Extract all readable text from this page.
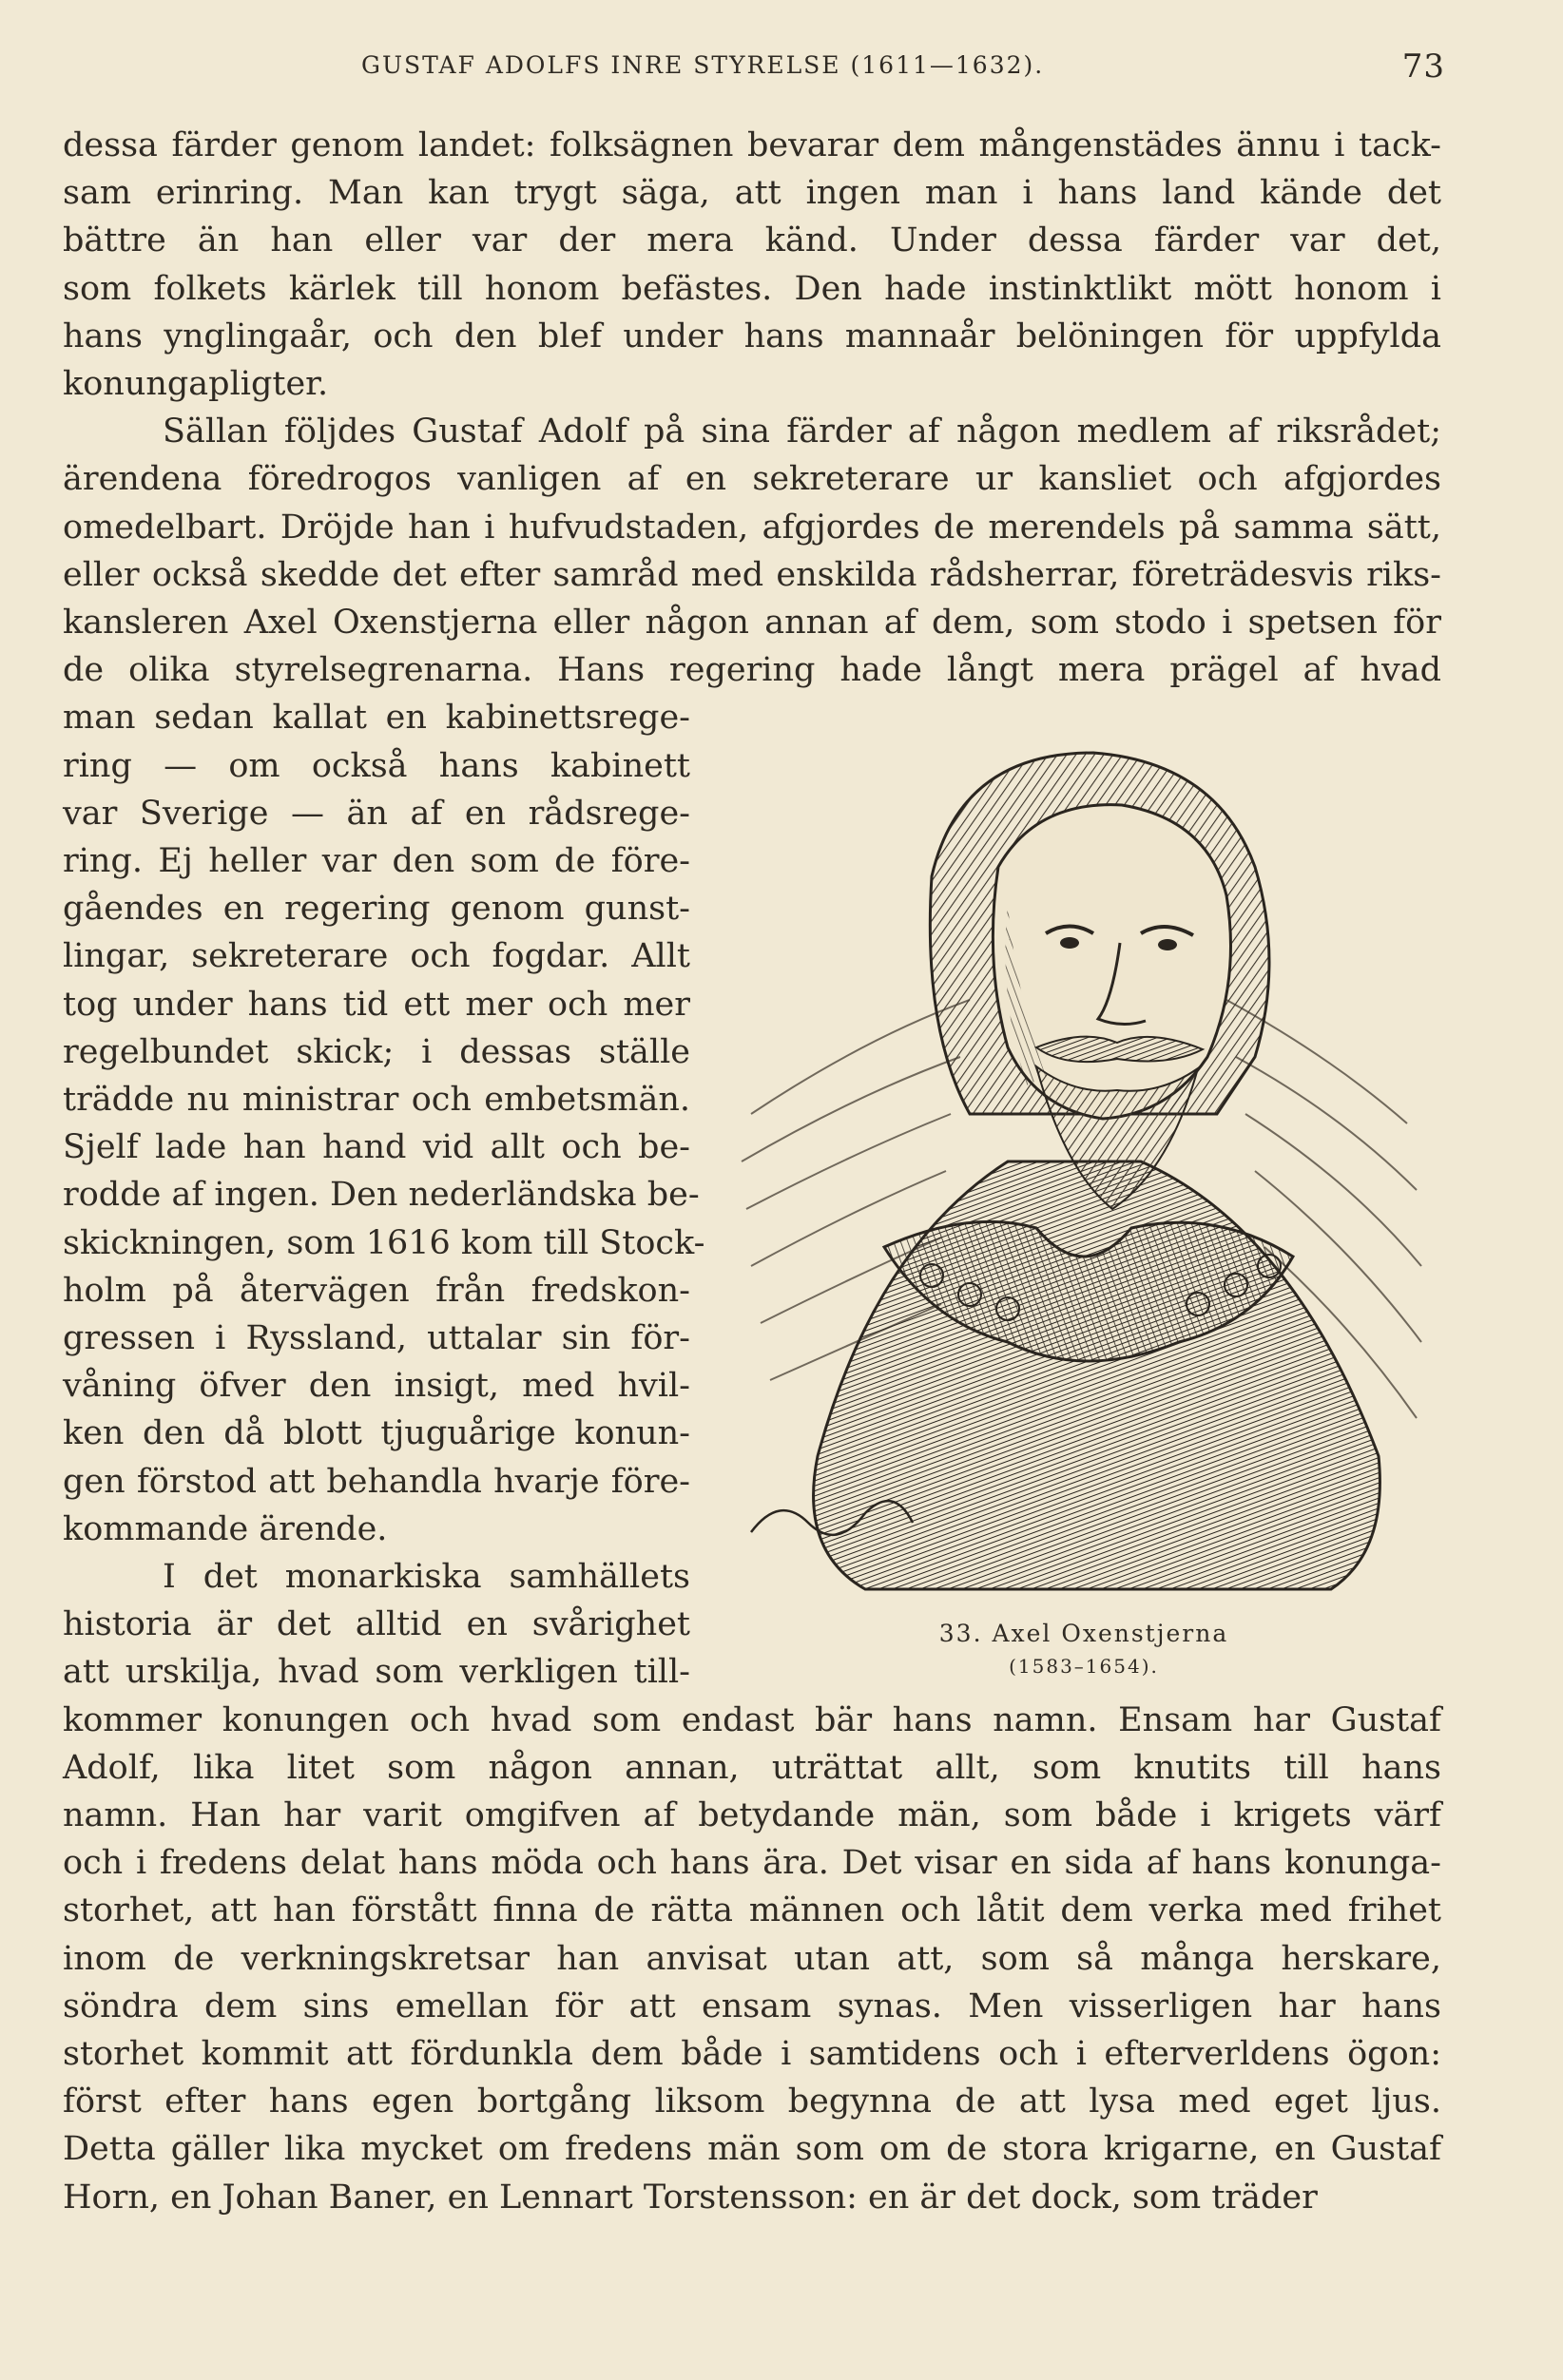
GUSTAF ADOLFS INRE STYRELSE (1611—1632).	73
dessa färder genom landet: folksägnen bevarar dem mångenstädes ännu i tack-
sam erinring. Man kan trygt säga, att ingen man i hans land kände det
bättre än han eller var der mera känd. Under dessa färder var det,
som folkets kärlek till honom befästes. Den hade instinktlikt mött honom i
hans ynglingaår, och den blef under hans mannaår belöningen för uppfylda
konungapligter.
Sällan följdes Gustaf Adolf på sina färder af någon medlem af riksrådet;
ärendena föredrogos vanligen af en sekreterare ur kansliet och afgjordes
omedelbart. Dröjde han i hufvudstaden, afgjordes de merendels på samma sätt,
eller också skedde det efter samråd med enskilda rådsherrar, företrädesvis riks-
kansleren Axel Oxenstjerna eller någon annan af dem, som stodo i spetsen för
de olika styrelsegrenarna. Hans regering hade långt mera prägel af hvad
man sedan kallat en kabinettsrege-
ring — om också hans kabinett
var Sverige — än af en rådsrege-
ring. Ej heller var den som de före-
gåendes en regering genom gunst-
lingar, sekreterare och fogdar. Allt
tog under hans tid ett mer och mer
regelbundet skick; i dessas ställe
trädde nu ministrar och embetsmän.
Sjelf lade han hand vid allt och be-
rodde af ingen. Den nederländska be-
skickningen, som 1616 kom till Stock-
holm på återvägen från fredskon-
gressen i Ryssland, uttalar sin för-
våning öfver den insigt, med hvil-
ken den då blott tjuguårige konun-
gen förstod att behandla hvarje före-
kommande ärende.
I det monarkiska samhällets
historia är det alltid en svårighet
att urskilja, hvad som verkligen till-
kommer konungen och hvad som endast bär hans namn. Ensam har Gustaf
Adolf, lika litet som någon annan, uträttat allt, som knutits till hans
namn. Han har varit omgifven af betydande män, som både i krigets värf
och i fredens delat hans möda och hans ära. Det visar en sida af hans konunga-
storhet, att han förstått finna de rätta männen och låtit dem verka med frihet
inom de verkningskretsar han anvisat utan att, som så många herskare,
söndra dem sins emellan för att ensam synas. Men visserligen har hans
storhet kommit att fördunkla dem både i samtidens och i efterverldens ögon:
först efter hans egen bortgång liksom begynna de att lysa med eget ljus.
Detta gäller lika mycket om fredens män som om de stora krigarne, en Gustaf
Horn, en Johan Baner, en Lennart Torstensson: en är det dock, som träder
33. Axel Oxenstjerna
(1583–1654).
